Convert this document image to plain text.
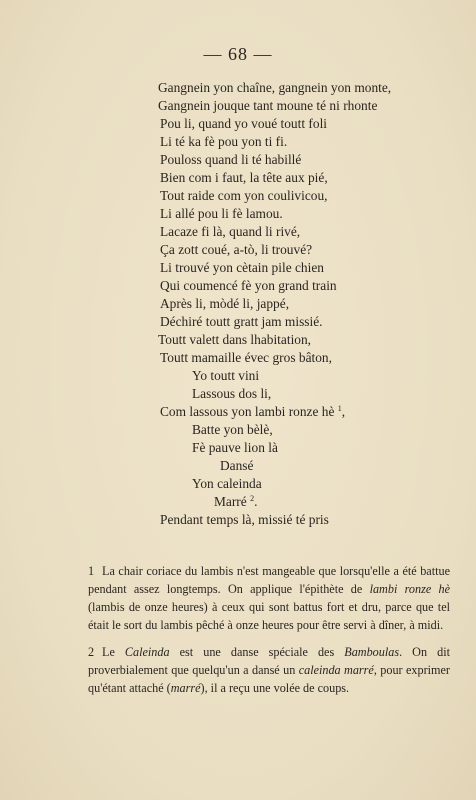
— 68 —
Gangnein yon chaîne, gangnein yon monte,
Gangnein jouque tant moune té ni rhonte
Pou li, quand yo voué toutt foli
Li té ka fè pou yon ti fi.
Pouloss quand li té habillé
Bien com i faut, la tête aux pié,
Tout raide com yon coulivicou,
Li allé pou li fè lamou.
Lacaze fi là, quand li rivé,
Ça zott coué, a-tò, li trouvé?
Li trouvé yon cètain pile chien
Qui coumencé fè yon grand train
Après li, mòdé li, jappé,
Déchiré toutt gratt jam missié.
Toutt valett dans lhabitation,
Toutt mamaille évec gros bâton,
Yo toutt vini
Lassous dos li,
Com lassous yon lambi ronze hè $^1$,
Batte yon bèlè,
Fè pauve lion là
Dansé
Yon caleinda
Marré $^2$.
Pendant temps là, missié té pris

1 La chair coriace du lambis n'est mangeable que lorsqu'elle a été battue pendant assez longtemps. On applique l'épithète de lambi ronze hè (lambis de onze heures) à ceux qui sont battus fort et dru, parce que tel était le sort du lambis pêché à onze heures pour être servi à dîner, à midi.

2 Le Caleinda est une danse spéciale des Bamboulas. On dit proverbialement que quelqu'un a dansé un caleinda marré, pour exprimer qu'étant attaché (marré), il a reçu une volée de coups.
